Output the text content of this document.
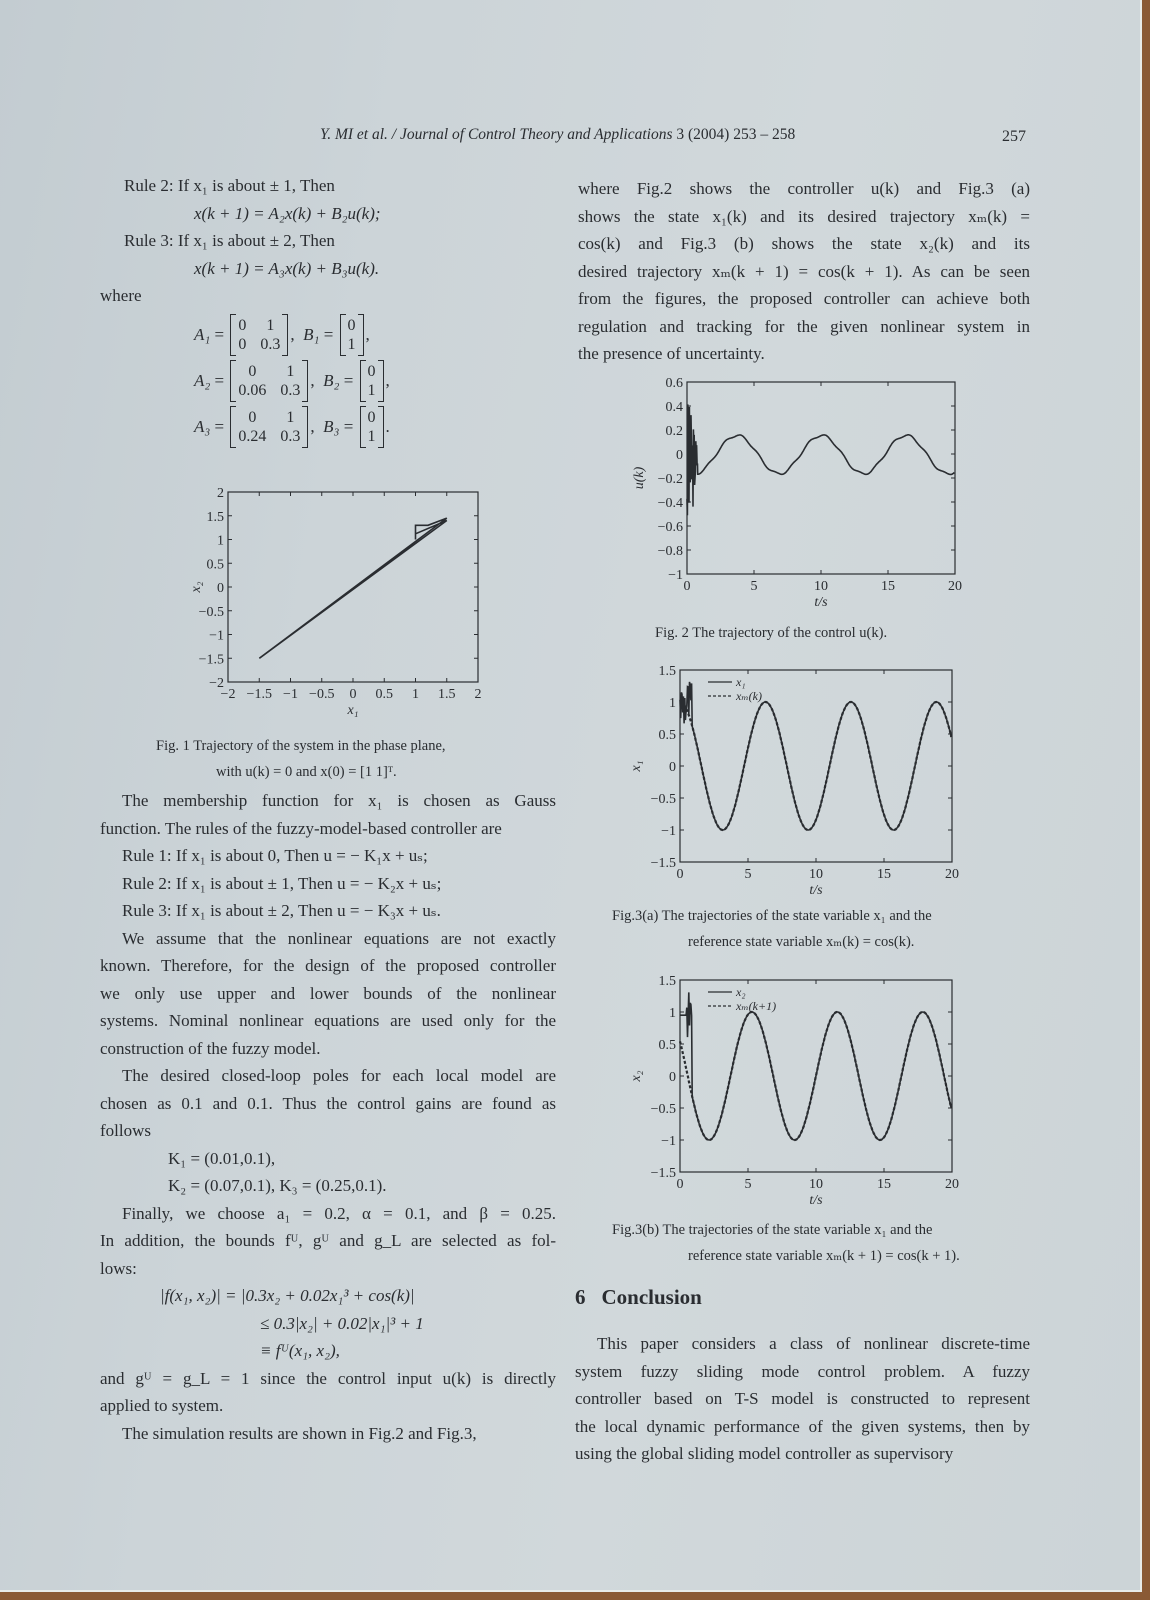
Y. MI et al. / Journal of Control Theory and Applications 3 (2004) 253 – 258	257
Rule 2: If x₁ is about ± 1, Then
x(k + 1) = A₂x(k) + B₂u(k);
Rule 3: If x₁ is about ± 2, Then
x(k + 1) = A₃x(k) + B₃u(k).
where
A₁ = 0	1
0 0.3
, B₁ = 0
1
,
A₂ =	0	1
0.06 0.3
, B₂ = 0
1
,
A₃ =	0	1
0.24 0.3
, B₃ = 0
1
.
−2 −1.5 −1 −0.5 0 0.5 1 1.5 2
2
1.5
1
0.5
0
−0.5
−1
−1.5
−2
x₁
x₂
Fig. 1 Trajectory of the system in the phase plane,
with u(k) = 0 and x(0) = [1 1]ᵀ.
The membership function for x₁ is chosen as Gauss
function. The rules of the fuzzy-model-based controller are
Rule 1: If x₁ is about 0, Then u = − K₁x + uₛ;
Rule 2: If x₁ is about ± 1, Then u = − K₂x + uₛ;
Rule 3: If x₁ is about ± 2, Then u = − K₃x + uₛ.
We assume that the nonlinear equations are not exactly
known. Therefore, for the design of the proposed controller
we only use upper and lower bounds of the nonlinear
systems. Nominal nonlinear equations are used only for the
construction of the fuzzy model.
The desired closed-loop poles for each local model are
chosen as 0.1 and 0.1. Thus the control gains are found as
follows
K₁ = (0.01,0.1),
K₂ = (0.07,0.1), K₃ = (0.25,0.1).
Finally, we choose a₁ = 0.2, α = 0.1, and β = 0.25.
In addition, the bounds fᵁ, gᵁ and g_L are selected as fol-
lows:
|f(x₁, x₂)| = |0.3x₂ + 0.02x₁³ + cos(k)|
≤ 0.3|x₂| + 0.02|x₁|³ + 1
≡ fᵁ(x₁, x₂),
and gᵁ = g_L = 1 since the control input u(k) is directly
applied to system.
The simulation results are shown in Fig.2 and Fig.3,
where Fig.2 shows the controller u(k) and Fig.3 (a)
shows the state x₁(k) and its desired trajectory xₘ(k) =
cos(k) and Fig.3 (b) shows the state x₂(k) and its
desired trajectory xₘ(k + 1) = cos(k + 1). As can be seen
from the figures, the proposed controller can achieve both
regulation and tracking for the given nonlinear system in
the presence of uncertainty.
0	5	10	15	20
0.6
0.4
0.2
0
−0.2
−0.4
−0.6
−0.8
−1
t/s
u(k)
Fig. 2 The trajectory of the control u(k).
0	5	10	15	20
1.5
1
0.5
0
−0.5
−1
−1.5
t/s
x₁
x₁
xₘ(k)
Fig.3(a) The trajectories of the state variable x₁ and the
reference state variable xₘ(k) = cos(k).
0	5	10	15	20
1.5
1
0.5
0
−0.5
−1
−1.5
t/s
x₂
x₂
xₘ(k+1)
Fig.3(b) The trajectories of the state variable x₁ and the
reference state variable xₘ(k + 1) = cos(k + 1).
6 Conclusion
This paper considers a class of nonlinear discrete-time
system fuzzy sliding mode control problem. A fuzzy
controller based on T-S model is constructed to represent
the local dynamic performance of the given systems, then by
using the global sliding model controller as supervisory
